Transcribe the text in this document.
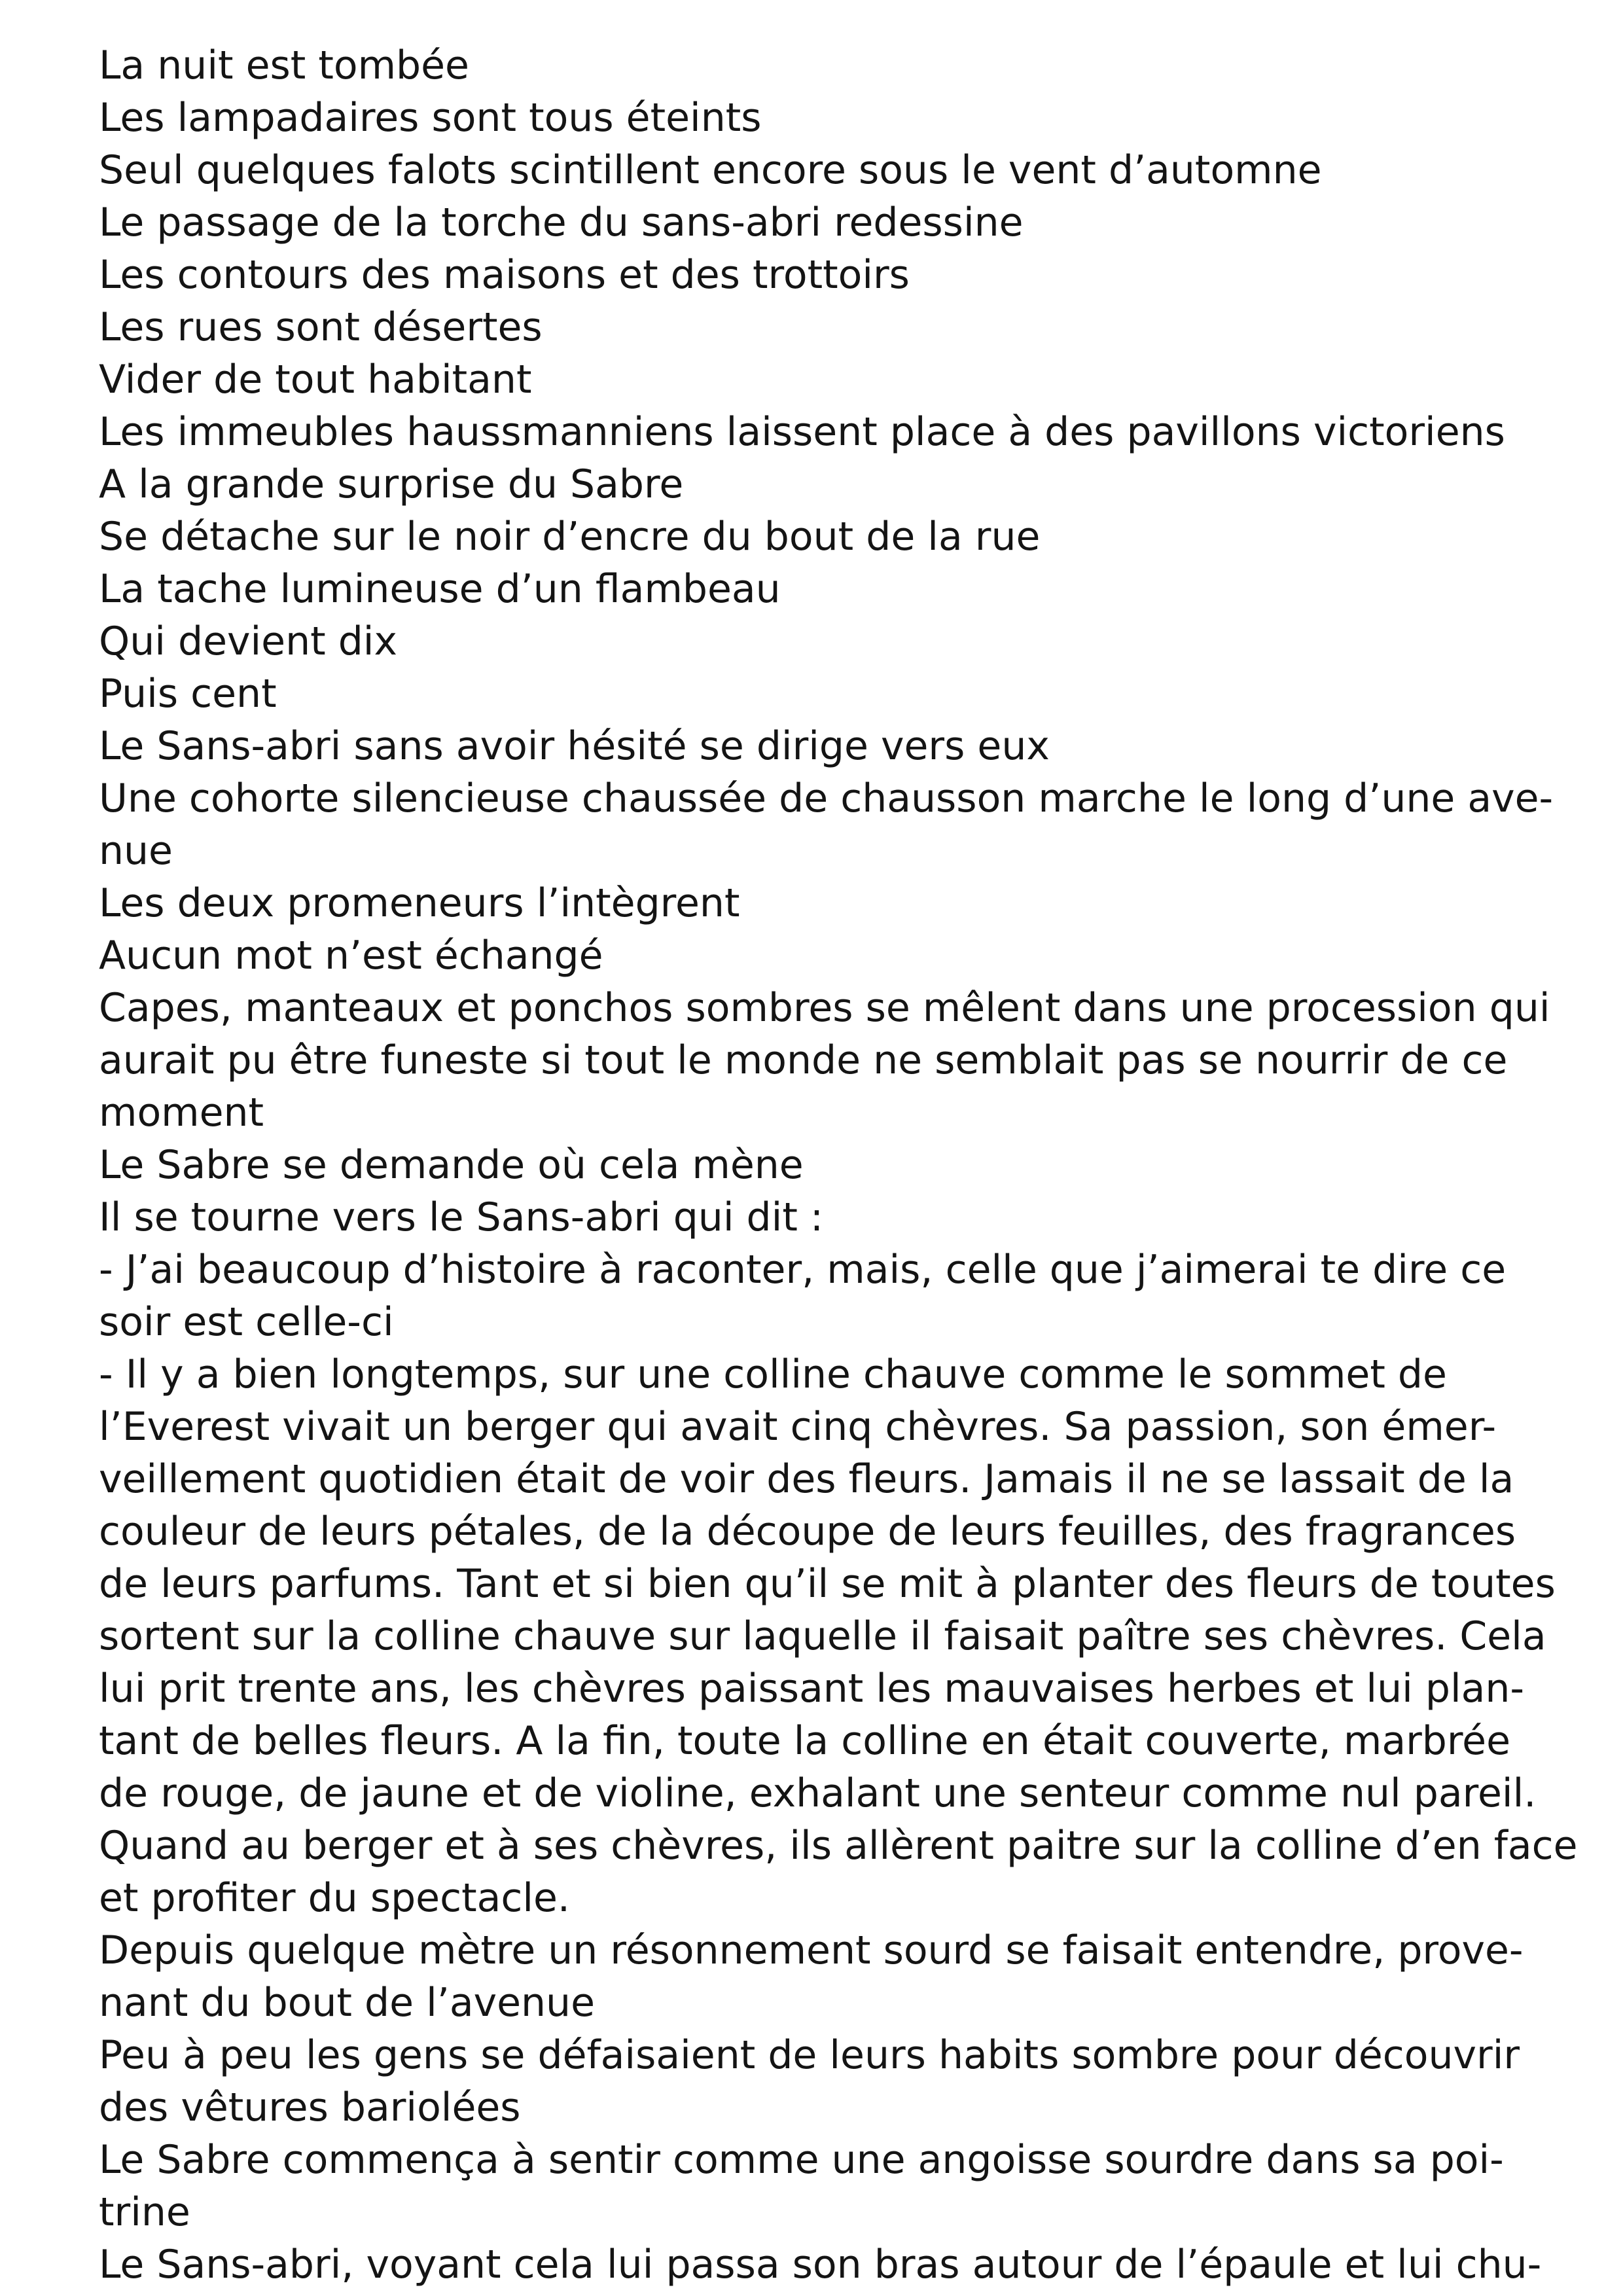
La nuit est tombée
Les lampadaires sont tous éteints
Seul quelques falots scintillent encore sous le vent d’automne
Le passage de la torche du sans-abri redessine
Les contours des maisons et des trottoirs
Les rues sont désertes
Vider de tout habitant
Les immeubles haussmanniens laissent place à des pavillons victoriens
A la grande surprise du Sabre
Se détache sur le noir d’encre du bout de la rue
La tache lumineuse d’un flambeau
Qui devient dix
Puis cent
Le Sans-abri sans avoir hésité se dirige vers eux
Une cohorte silencieuse chaussée de chausson marche le long d’une ave-
nue
Les deux promeneurs l’intègrent
Aucun mot n’est échangé
Capes, manteaux et ponchos sombres se mêlent dans une procession qui
aurait pu être funeste si tout le monde ne semblait pas se nourrir de ce
moment
Le Sabre se demande où cela mène
Il se tourne vers le Sans-abri qui dit :
- J’ai beaucoup d’histoire à raconter, mais, celle que j’aimerai te dire ce
soir est celle-ci
- Il y a bien longtemps, sur une colline chauve comme le sommet de
l’Everest vivait un berger qui avait cinq chèvres. Sa passion, son émer-
veillement quotidien était de voir des fleurs. Jamais il ne se lassait de la
couleur de leurs pétales, de la découpe de leurs feuilles, des fragrances
de leurs parfums. Tant et si bien qu’il se mit à planter des fleurs de toutes
sortent sur la colline chauve sur laquelle il faisait paître ses chèvres. Cela
lui prit trente ans, les chèvres paissant les mauvaises herbes et lui plan-
tant de belles fleurs. A la fin, toute la colline en était couverte, marbrée
de rouge, de jaune et de violine, exhalant une senteur comme nul pareil.
Quand au berger et à ses chèvres, ils allèrent paitre sur la colline d’en face
et profiter du spectacle.
Depuis quelque mètre un résonnement sourd se faisait entendre, prove-
nant du bout de l’avenue
Peu à peu les gens se défaisaient de leurs habits sombre pour découvrir
des vêtures bariolées
Le Sabre commença à sentir comme une angoisse sourdre dans sa poi-
trine
Le Sans-abri, voyant cela lui passa son bras autour de l’épaule et lui chu-
